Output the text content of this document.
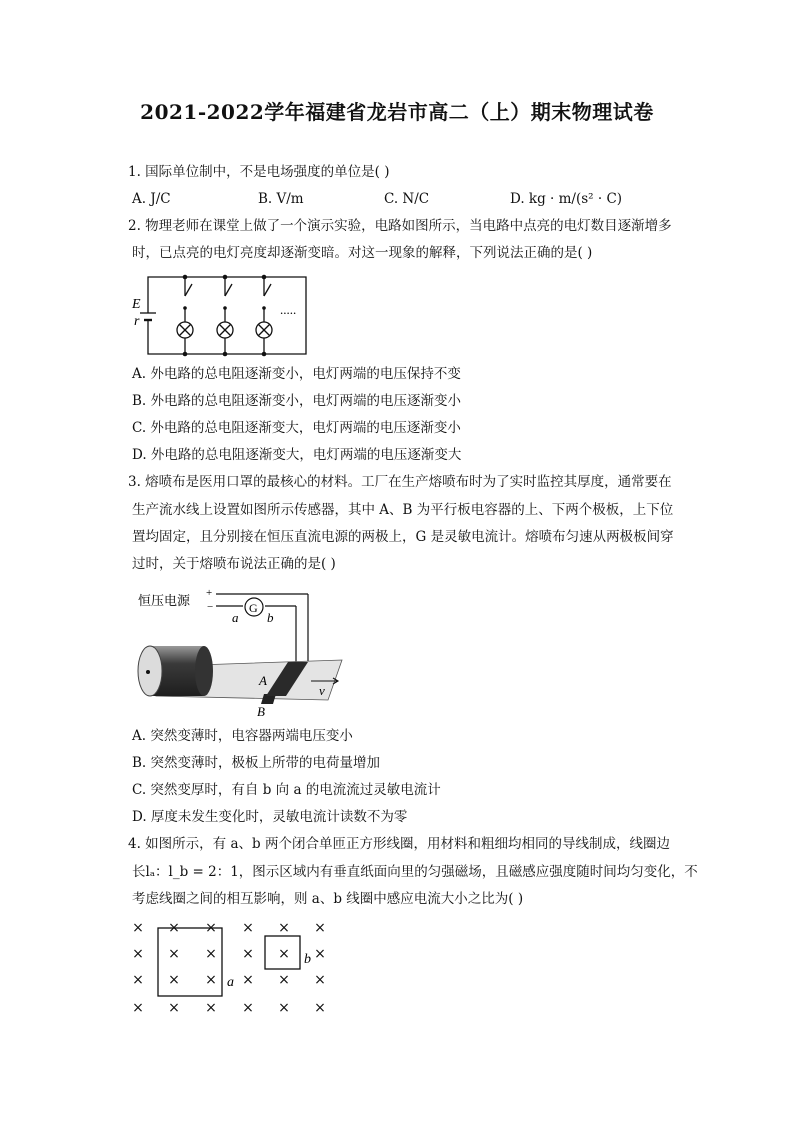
2021-2022学年福建省龙岩市高二（上）期末物理试卷
1. 国际单位制中，不是电场强度的单位是( )
A. J/C	B. V/m	C. N/C	D. kg · m/(s² · C)
2. 物理老师在课堂上做了一个演示实验，电路如图所示，当电路中点亮的电灯数目逐渐增多
时，已点亮的电灯亮度却逐渐变暗。对这一现象的解释，下列说法正确的是( )
E
r
.....
A. 外电路的总电阻逐渐变小，电灯两端的电压保持不变
B. 外电路的总电阻逐渐变小，电灯两端的电压逐渐变小
C. 外电路的总电阻逐渐变大，电灯两端的电压逐渐变小
D. 外电路的总电阻逐渐变大，电灯两端的电压逐渐变大
3. 熔喷布是医用口罩的最核心的材料。工厂在生产熔喷布时为了实时监控其厚度，通常要在
生产流水线上设置如图所示传感器，其中 A、B 为平行板电容器的上、下两个极板，上下位
置均固定，且分别接在恒压直流电源的两极上，G 是灵敏电流计。熔喷布匀速从两极板间穿
过时，关于熔喷布说法正确的是( )
恒压电源 +
−	G
a b
A
B
v
A. 突然变薄时，电容器两端电压变小
B. 突然变薄时，极板上所带的电荷量增加
C. 突然变厚时，有自 b 向 a 的电流流过灵敏电流计
D. 厚度未发生变化时，灵敏电流计读数不为零
4. 如图所示，有 a、b 两个闭合单匝正方形线圈，用材料和粗细均相同的导线制成，线圈边
长lₐ：l_b = 2：1，图示区域内有垂直纸面向里的匀强磁场，且磁感应强度随时间均匀变化，不
考虑线圈之间的相互影响，则 a、b 线圈中感应电流大小之比为( )
× × × × × ×
× × × × × ×
× × × × × ×
× × × × × ×
a
b
